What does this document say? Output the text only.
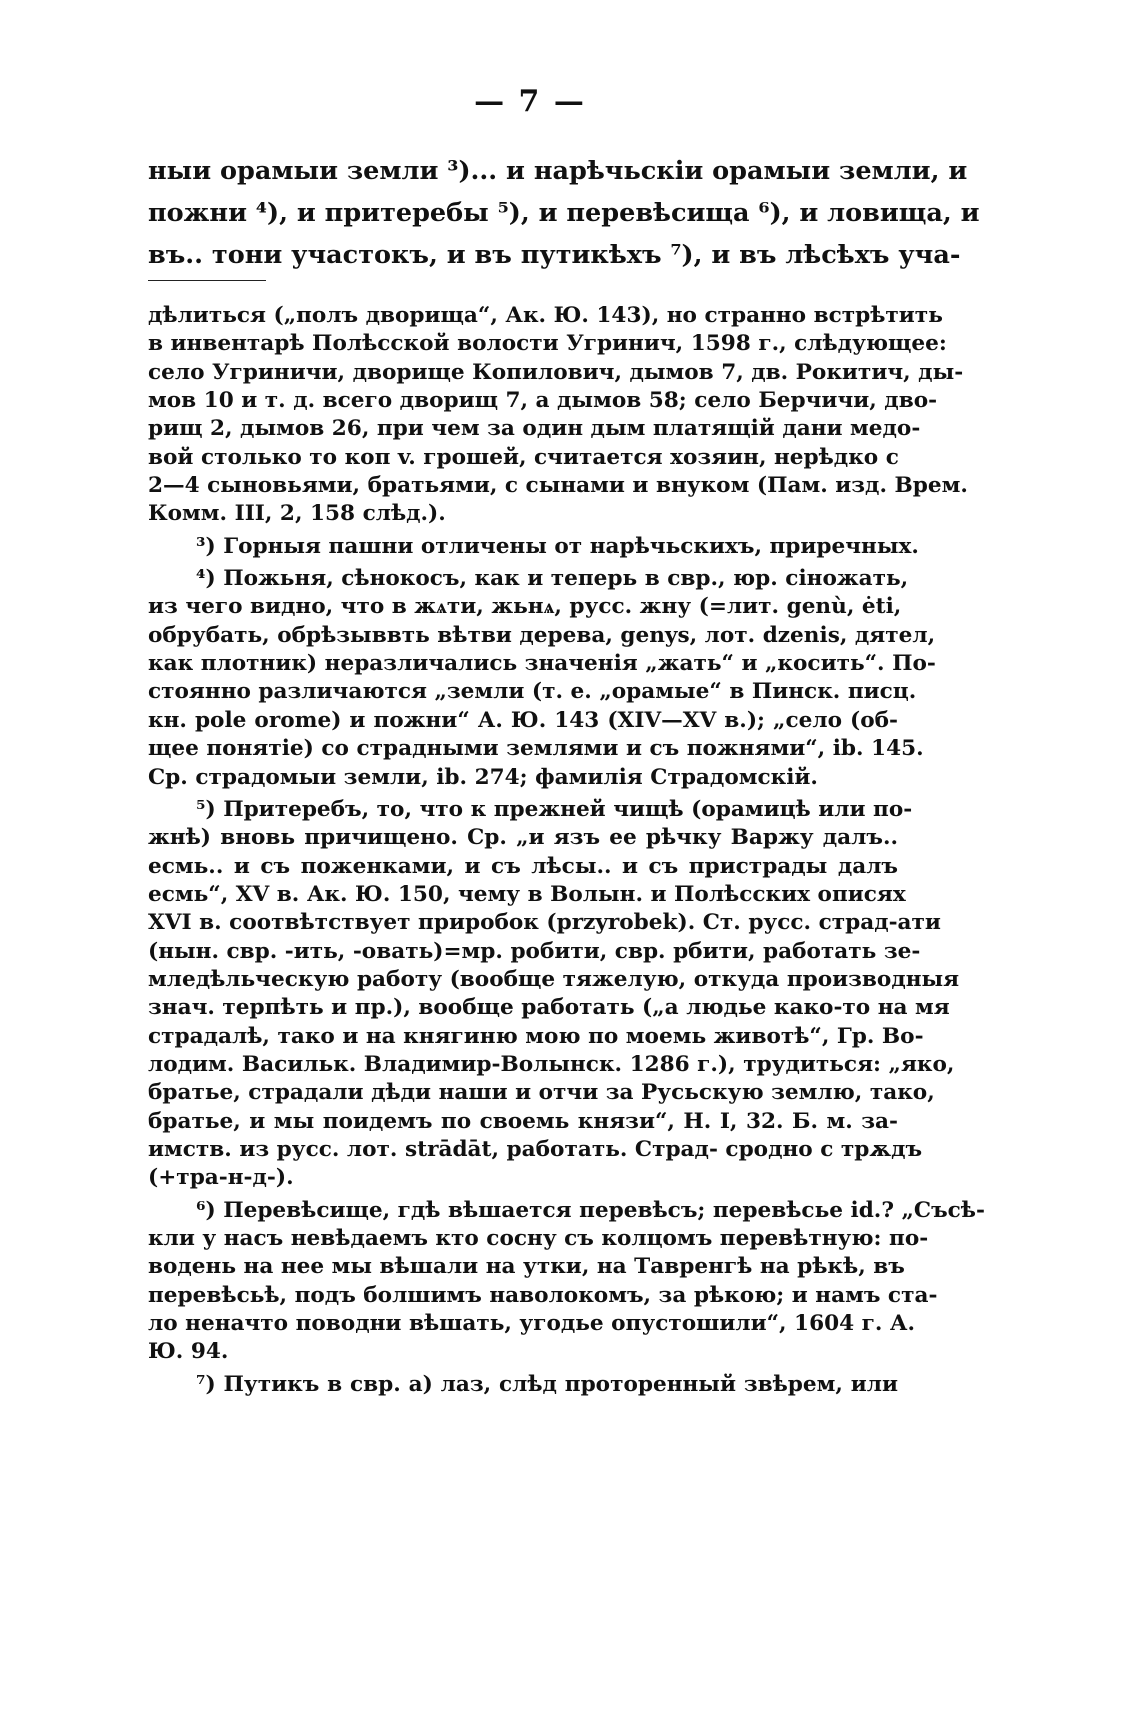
— 7 —
ныи орамыи земли ³)... и нарѣчьскіи орамыи земли, и
пожни ⁴), и притеребы ⁵), и перевѣсища ⁶), и ловища, и
въ.. тони участокъ, и въ путикѣхъ ⁷), и въ лѣсѣхъ уча-
дѣлиться („полъ дворища“, Ак. Ю. 143), но странно встрѣтить
в инвентарѣ Полѣсской волости Угринич, 1598 г., слѣдующее:
село Угриничи, дворище Копилович, дымов 7, дв. Рокитич, ды-
мов 10 и т. д. всего дворищ 7, а дымов 58; село Берчичи, дво-
рищ 2, дымов 26, при чем за один дым платящій дани медо-
вой столько то коп v. грошей, считается хозяин, нерѣдко с
2—4 сыновьями, братьями, с сынами и внуком (Пам. изд. Врем.
Комм. III, 2, 158 слѣд.).
³) Горныя пашни отличены от нарѣчьскихъ, приречных.
⁴) Пожьня, сѣнокосъ, как и теперь в свр., юр. сіножать,
из чего видно, что в жѧти, жьнѧ, русс. жну (=лит. genù, ėti,
обрубать, обрѣзыввть вѣтви дерева, genys, лот. dzenis, дятел,
как плотник) неразличались значенія „жать“ и „косить“. По-
стоянно различаются „земли (т. е. „орамые“ в Пинск. писц.
кн. pole orome) и пожни“ А. Ю. 143 (XIV—XV в.); „село (об-
щее понятіе) со страдными землями и съ пожнями“, ib. 145.
Ср. страдомыи земли, ib. 274; фамилія Страдомскій.
⁵) Притеребъ, то, что к прежней чищѣ (орамицѣ или по-
жнѣ) вновь причищено. Ср. „и язъ ее рѣчку Варжу далъ..
есмь.. и съ поженками, и съ лѣсы.. и съ пристрады далъ
есмь“, XV в. Ак. Ю. 150, чему в Волын. и Полѣсских описях
XVI в. соотвѣтствует приробок (przyrobek). Ст. русс. страд-ати
(нын. свр. -ить, -овать)=мр. робити, свр. рбити, работать зе-
мледѣльческую работу (вообще тяжелую, откуда производныя
знач. терпѣть и пр.), вообще работать („а людье како-то на мя
страдалѣ, тако и на княгиню мою по моемь животѣ“, Гр. Во-
лодим. Васильк. Владимир-Волынск. 1286 г.), трудиться: „яко,
братье, страдали дѣди наши и отчи за Русьскую землю, тако,
братье, и мы поидемъ по своемь князи“, Н. I, 32. Б. м. за-
имств. из русс. лот. strādāt, работать. Страд- сродно с трѫдъ
(+тра-н-д-).
⁶) Перевѣсище, гдѣ вѣшается перевѣсъ; перевѣсье id.? „Съсѣ-
кли у насъ невѣдаемъ кто сосну съ колцомъ перевѣтную: по-
водень на нее мы вѣшали на утки, на Тавренгѣ на рѣкѣ, въ
перевѣсьѣ, подъ болшимъ наволокомъ, за рѣкою; и намъ ста-
ло неначто поводни вѣшать, угодье опустошили“, 1604 г. А.
Ю. 94.
⁷) Путикъ в свр. а) лаз, слѣд проторенный звѣрем, или
